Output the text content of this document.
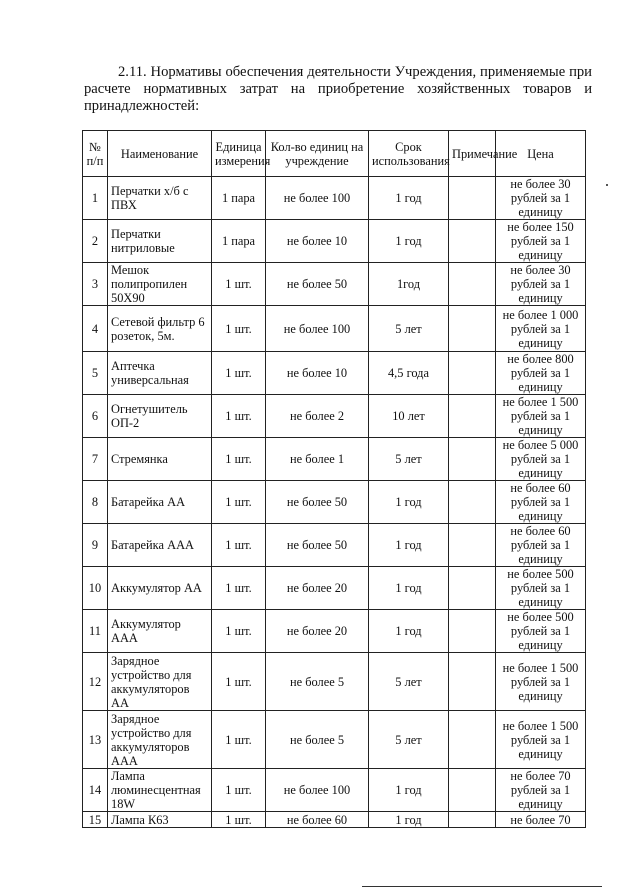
2.11. Нормативы обеспечения деятельности Учреждения, применяемые при расчете нормативных затрат на приобретение хозяйственных товаров и принадлежностей:

№ п/п	Наименование	Единица измерения	Кол-во единиц на учреждение	Срок использования	Примечание	Цена
1	Перчатки х/б с ПВХ	1 пара	не более 100	1 год		не более 30 рублей за 1 единицу
2	Перчатки нитриловые	1 пара	не более 10	1 год		не более 150 рублей за 1 единицу
3	Мешок полипропилен 50Х90	1 шт.	не более 50	1год		не более 30 рублей за 1 единицу
4	Сетевой фильтр 6 розеток, 5м.	1 шт.	не более 100	5 лет		не более 1 000 рублей за 1 единицу
5	Аптечка универсальная	1 шт.	не более 10	4,5 года		не более 800 рублей за 1 единицу
6	Огнетушитель ОП-2	1 шт.	не более 2	10 лет		не более 1 500 рублей за 1 единицу
7	Стремянка	1 шт.	не более 1	5 лет		не более 5 000 рублей за 1 единицу
8	Батарейка АА	1 шт.	не более 50	1 год		не более 60 рублей за 1 единицу
9	Батарейка ААА	1 шт.	не более 50	1 год		не более 60 рублей за 1 единицу
10	Аккумулятор АА	1 шт.	не более 20	1 год		не более 500 рублей за 1 единицу
11	Аккумулятор ААА	1 шт.	не более 20	1 год		не более 500 рублей за 1 единицу
12	Зарядное устройство для аккумуляторов АА	1 шт.	не более 5	5 лет		не более 1 500 рублей за 1 единицу
13	Зарядное устройство для аккумуляторов ААА	1 шт.	не более 5	5 лет		не более 1 500 рублей за 1 единицу
14	Лампа люминесцентная 18W	1 шт.	не более 100	1 год		не более 70 рублей за 1 единицу
15	Лампа К63	1 шт.	не более 60	1 год		не более 70
